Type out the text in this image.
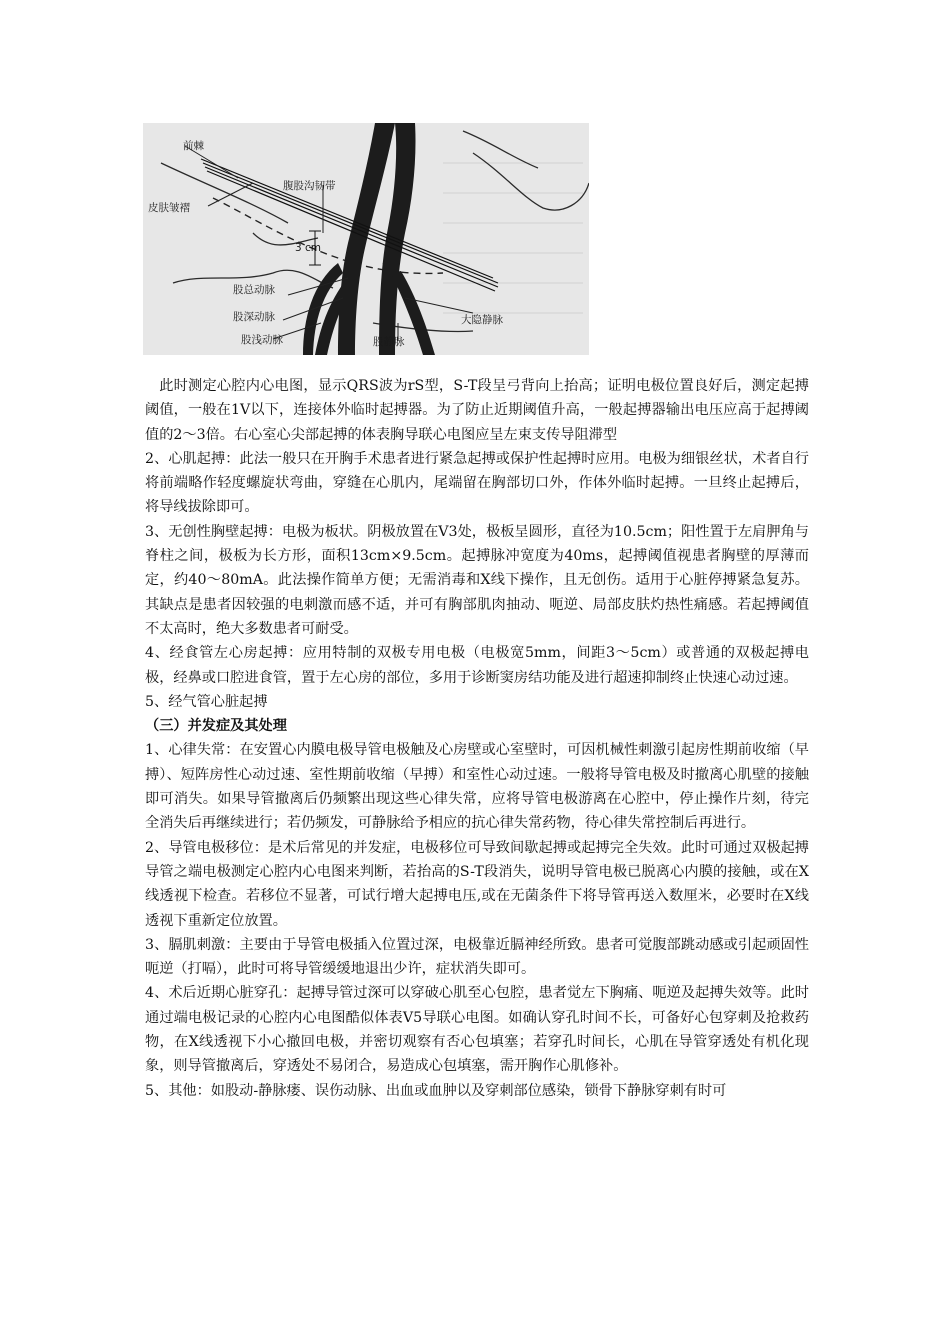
前棘
皮肤皱褶
腹股沟韧带
3 cm
股总动脉
股深动脉
股浅动脉	股静脉
大隐静脉

此时测定心腔内心电图，显示QRS波为rS型，S-T段呈弓背向上抬高；证明电极位置良好后，测定起搏阈值，一般在1V以下，连接体外临时起搏器。为了防止近期阈值升高，一般起搏器输出电压应高于起搏阈值的2～3倍。右心室心尖部起搏的体表胸导联心电图应呈左束支传导阻滞型

2、心肌起搏：此法一般只在开胸手术患者进行紧急起搏或保护性起搏时应用。电极为细银丝状，术者自行将前端略作轻度螺旋状弯曲，穿缝在心肌内，尾端留在胸部切口外，作体外临时起搏。一旦终止起搏后，将导线拔除即可。

3、无创性胸壁起搏：电极为板状。阴极放置在V3处，极板呈圆形，直径为10.5cm；阳性置于左肩胛角与脊柱之间，极板为长方形，面积13cm×9.5cm。起搏脉冲宽度为40ms，起搏阈值视患者胸壁的厚薄而定，约40～80mA。此法操作简单方便；无需消毒和X线下操作，且无创伤。适用于心脏停搏紧急复苏。其缺点是患者因较强的电刺激而感不适，并可有胸部肌肉抽动、呃逆、局部皮肤灼热性痛感。若起搏阈值不太高时，绝大多数患者可耐受。

4、经食管左心房起搏：应用特制的双极专用电极（电极宽5mm，间距3～5cm）或普通的双极起搏电极，经鼻或口腔进食管，置于左心房的部位，多用于诊断窦房结功能及进行超速抑制终止快速心动过速。

5、经气管心脏起搏

（三）并发症及其处理

1、心律失常：在安置心内膜电极导管电极触及心房壁或心室壁时，可因机械性刺激引起房性期前收缩（早搏）、短阵房性心动过速、室性期前收缩（早搏）和室性心动过速。一般将导管电极及时撤离心肌壁的接触即可消失。如果导管撤离后仍频繁出现这些心律失常，应将导管电极游离在心腔中，停止操作片刻，待完全消失后再继续进行；若仍频发，可静脉给予相应的抗心律失常药物，待心律失常控制后再进行。

2、导管电极移位：是术后常见的并发症，电极移位可导致间歇起搏或起搏完全失效。此时可通过双极起搏导管之端电极测定心腔内心电图来判断，若抬高的S-T段消失，说明导管电极已脱离心内膜的接触，或在X线透视下检查。若移位不显著，可试行增大起搏电压,或在无菌条件下将导管再送入数厘米，必要时在X线透视下重新定位放置。

3、膈肌刺激：主要由于导管电极插入位置过深，电极靠近膈神经所致。患者可觉腹部跳动感或引起顽固性呃逆（打嗝），此时可将导管缓缓地退出少许，症状消失即可。

4、术后近期心脏穿孔：起搏导管过深可以穿破心肌至心包腔，患者觉左下胸痛、呃逆及起搏失效等。此时通过端电极记录的心腔内心电图酷似体表V5导联心电图。如确认穿孔时间不长，可备好心包穿刺及抢救药物，在X线透视下小心撤回电极，并密切观察有否心包填塞；若穿孔时间长，心肌在导管穿透处有机化现象，则导管撤离后，穿透处不易闭合，易造成心包填塞，需开胸作心肌修补。

5、其他：如股动-静脉瘘、误伤动脉、出血或血肿以及穿刺部位感染，锁骨下静脉穿刺有时可
